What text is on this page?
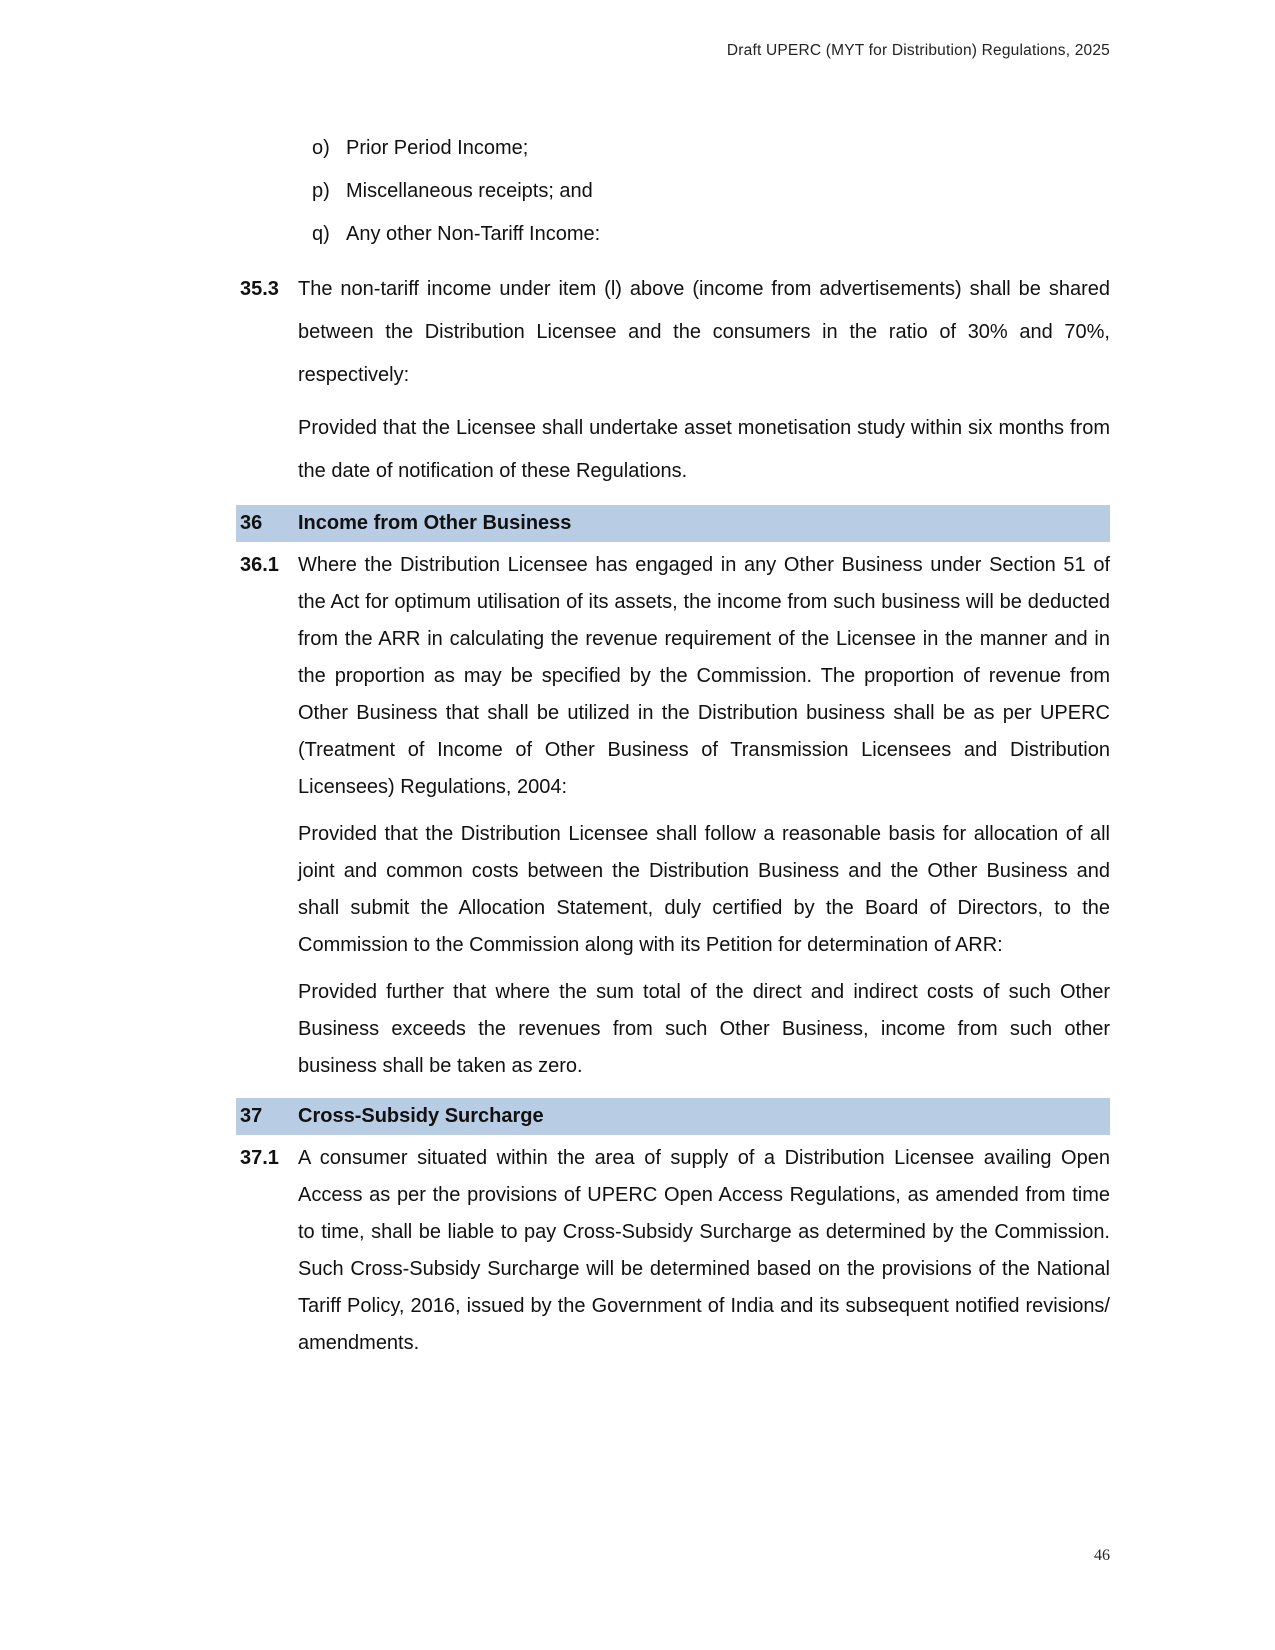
Draft UPERC (MYT for Distribution) Regulations, 2025
o) Prior Period Income;
p) Miscellaneous receipts; and
q) Any other Non-Tariff Income:
35.3 The non-tariff income under item (l) above (income from advertisements) shall be shared between the Distribution Licensee and the consumers in the ratio of 30% and 70%, respectively:
Provided that the Licensee shall undertake asset monetisation study within six months from the date of notification of these Regulations.
36	Income from Other Business
36.1 Where the Distribution Licensee has engaged in any Other Business under Section 51 of the Act for optimum utilisation of its assets, the income from such business will be deducted from the ARR in calculating the revenue requirement of the Licensee in the manner and in the proportion as may be specified by the Commission. The proportion of revenue from Other Business that shall be utilized in the Distribution business shall be as per UPERC (Treatment of Income of Other Business of Transmission Licensees and Distribution Licensees) Regulations, 2004:
Provided that the Distribution Licensee shall follow a reasonable basis for allocation of all joint and common costs between the Distribution Business and the Other Business and shall submit the Allocation Statement, duly certified by the Board of Directors, to the Commission to the Commission along with its Petition for determination of ARR:
Provided further that where the sum total of the direct and indirect costs of such Other Business exceeds the revenues from such Other Business, income from such other business shall be taken as zero.
37	Cross-Subsidy Surcharge
37.1 A consumer situated within the area of supply of a Distribution Licensee availing Open Access as per the provisions of UPERC Open Access Regulations, as amended from time to time, shall be liable to pay Cross-Subsidy Surcharge as determined by the Commission. Such Cross-Subsidy Surcharge will be determined based on the provisions of the National Tariff Policy, 2016, issued by the Government of India and its subsequent notified revisions/ amendments.
46
